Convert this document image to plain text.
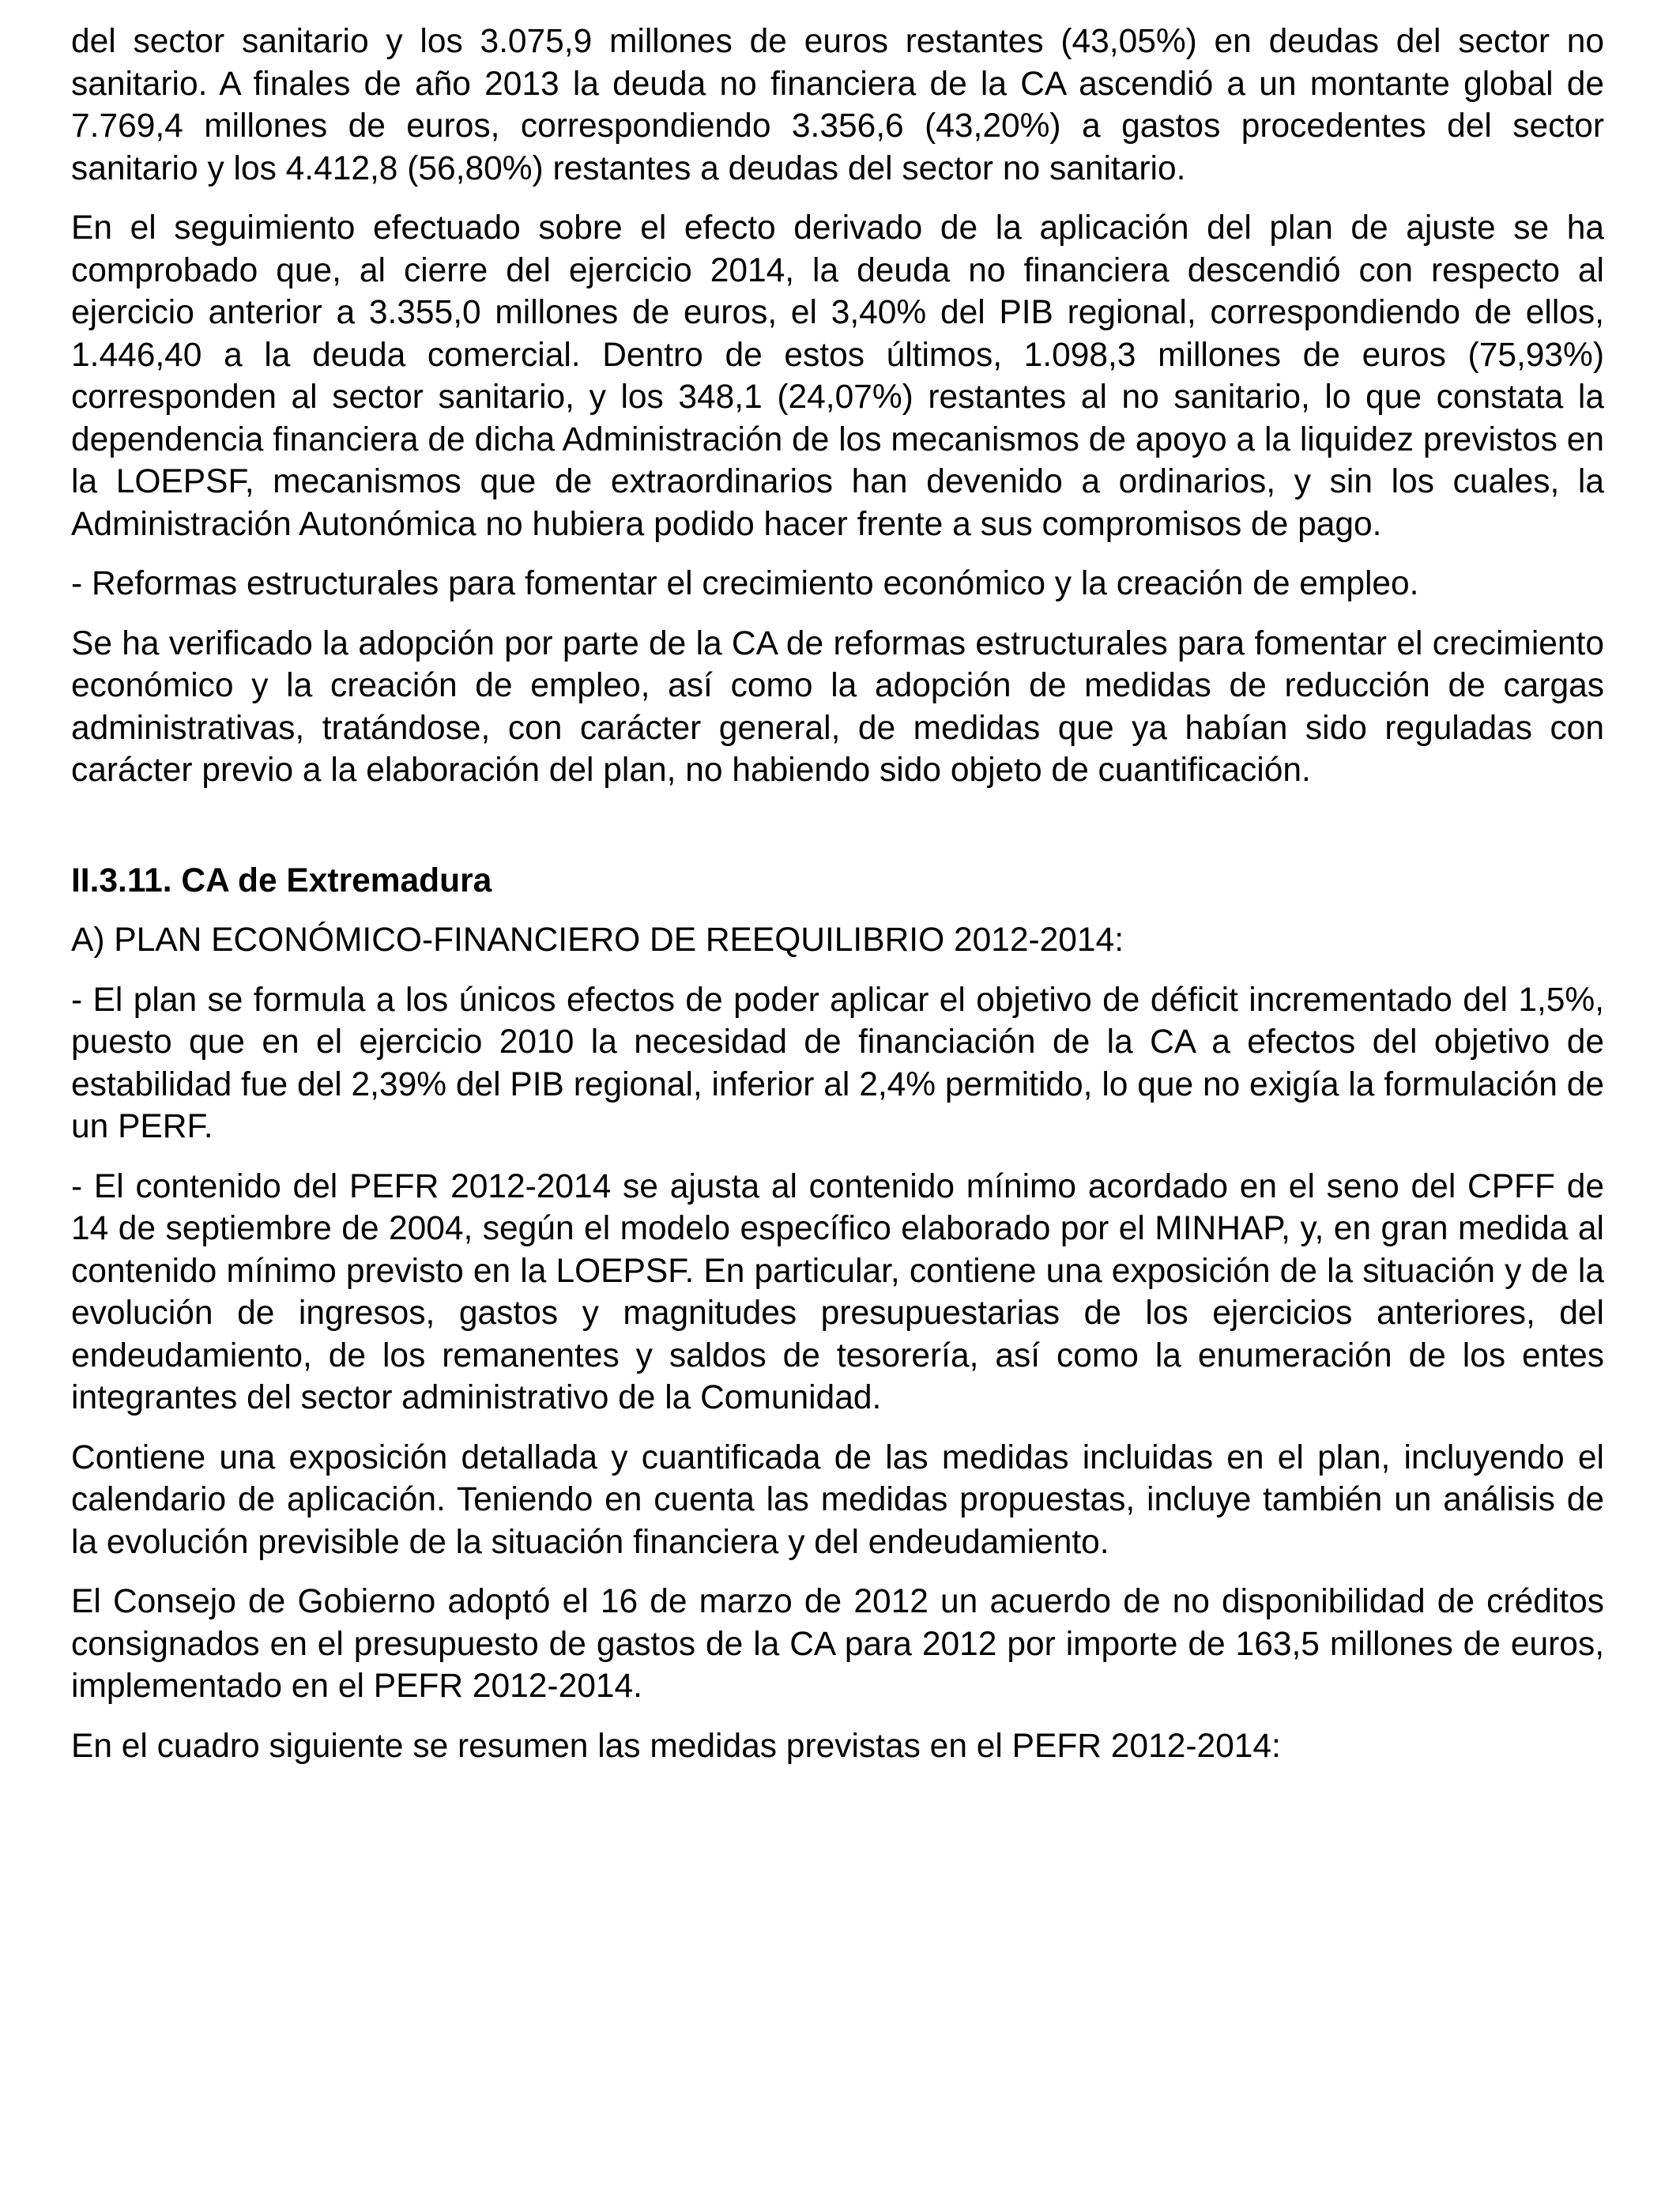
del sector sanitario y los 3.075,9 millones de euros restantes (43,05%) en deudas del sector no sanitario. A finales de año 2013 la deuda no financiera de la CA ascendió a un montante global de 7.769,4 millones de euros, correspondiendo 3.356,6 (43,20%) a gastos procedentes del sector sanitario y los 4.412,8 (56,80%) restantes a deudas del sector no sanitario.

En el seguimiento efectuado sobre el efecto derivado de la aplicación del plan de ajuste se ha comprobado que, al cierre del ejercicio 2014, la deuda no financiera descendió con respecto al ejercicio anterior a 3.355,0 millones de euros, el 3,40% del PIB regional, correspondiendo de ellos, 1.446,40 a la deuda comercial. Dentro de estos últimos, 1.098,3 millones de euros (75,93%) corresponden al sector sanitario, y los 348,1 (24,07%) restantes al no sanitario, lo que constata la dependencia financiera de dicha Administración de los mecanismos de apoyo a la liquidez previstos en la LOEPSF, mecanismos que de extraordinarios han devenido a ordinarios, y sin los cuales, la Administración Autonómica no hubiera podido hacer frente a sus compromisos de pago.

- Reformas estructurales para fomentar el crecimiento económico y la creación de empleo.

Se ha verificado la adopción por parte de la CA de reformas estructurales para fomentar el crecimiento económico y la creación de empleo, así como la adopción de medidas de reducción de cargas administrativas, tratándose, con carácter general, de medidas que ya habían sido reguladas con carácter previo a la elaboración del plan, no habiendo sido objeto de cuantificación.

II.3.11. CA de Extremadura

A) PLAN ECONÓMICO-FINANCIERO DE REEQUILIBRIO 2012-2014:

- El plan se formula a los únicos efectos de poder aplicar el objetivo de déficit incrementado del 1,5%, puesto que en el ejercicio 2010 la necesidad de financiación de la CA a efectos del objetivo de estabilidad fue del 2,39% del PIB regional, inferior al 2,4% permitido, lo que no exigía la formulación de un PERF.

- El contenido del PEFR 2012-2014 se ajusta al contenido mínimo acordado en el seno del CPFF de 14 de septiembre de 2004, según el modelo específico elaborado por el MINHAP, y, en gran medida al contenido mínimo previsto en la LOEPSF. En particular, contiene una exposición de la situación y de la evolución de ingresos, gastos y magnitudes presupuestarias de los ejercicios anteriores, del endeudamiento, de los remanentes y saldos de tesorería, así como la enumeración de los entes integrantes del sector administrativo de la Comunidad.

Contiene una exposición detallada y cuantificada de las medidas incluidas en el plan, incluyendo el calendario de aplicación. Teniendo en cuenta las medidas propuestas, incluye también un análisis de la evolución previsible de la situación financiera y del endeudamiento.

El Consejo de Gobierno adoptó el 16 de marzo de 2012 un acuerdo de no disponibilidad de créditos consignados en el presupuesto de gastos de la CA para 2012 por importe de 163,5 millones de euros, implementado en el PEFR 2012-2014.

En el cuadro siguiente se resumen las medidas previstas en el PEFR 2012-2014:
